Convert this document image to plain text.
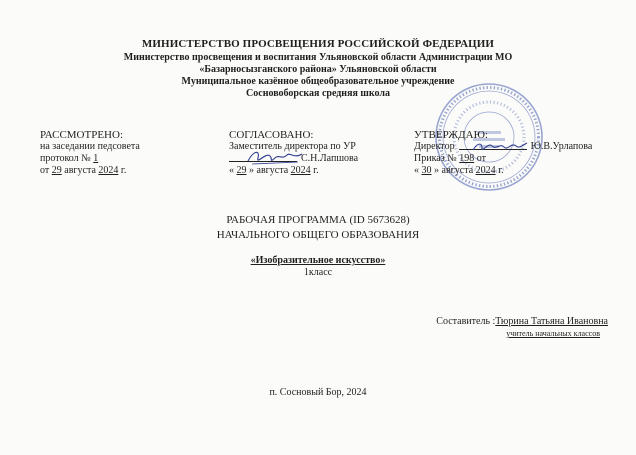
МИНИСТЕРСТВО ПРОСВЕЩЕНИЯ РОССИЙСКОЙ ФЕДЕРАЦИИ
Министерство просвещения и воспитания Ульяновской области Администрации МО
«Базарносызганского района» Ульяновской области
Муниципальное казённое общеобразовательное учреждение
Сосновоборская средняя школа
РАССМОТРЕНО:
на заседании педсовета
протокол № 1
от 29 августа 2024 г.
СОГЛАСОВАНО:
Заместитель директора по УР
С.Н.Лапшова
« 29 » августа 2024 г.
УТВЕРЖДАЮ:
Директор	Ю.В.Урлапова
Приказ № 198 от
« 30 » августа 2024 г.
РАБОЧАЯ ПРОГРАММА (ID 5673628)
НАЧАЛЬНОГО ОБЩЕГО ОБРАЗОВАНИЯ
«Изобразительное искусство»
1класс
Составитель :Тюрина Татьяна Ивановна
учитель начальных классов
п. Сосновый Бор, 2024
